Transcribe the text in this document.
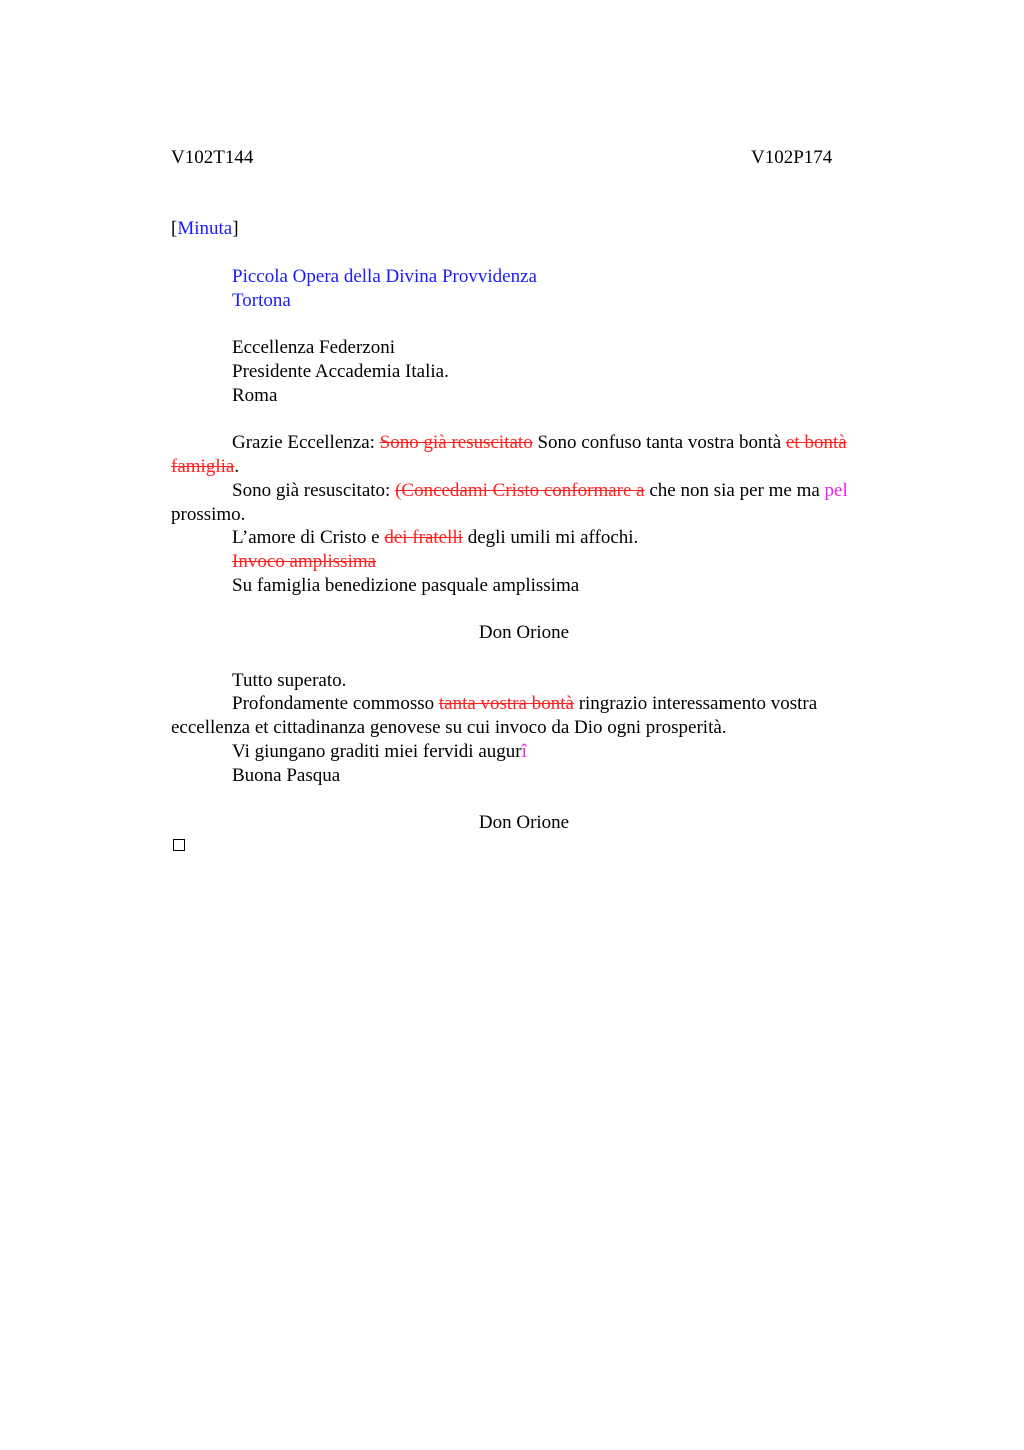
V102T144	V102P174
[Minuta]
Piccola Opera della Divina Provvidenza
Tortona
Eccellenza Federzoni
Presidente Accademia Italia.
Roma
Grazie Eccellenza: Sono già resuscitato Sono confuso tanta vostra bontà et bontà
famiglia.
Sono già resuscitato: (Concedami Cristo conformare a che non sia per me ma pel
prossimo.
L’amore di Cristo e dei fratelli degli umili mi affochi.
Invoco amplissima
Su famiglia benedizione pasquale amplissima
Don Orione
Tutto superato.
Profondamente commosso tanta vostra bontà ringrazio interessamento vostra
eccellenza et cittadinanza genovese su cui invoco da Dio ogni prosperità.
Vi giungano graditi miei fervidi augurî
Buona Pasqua
Don Orione
